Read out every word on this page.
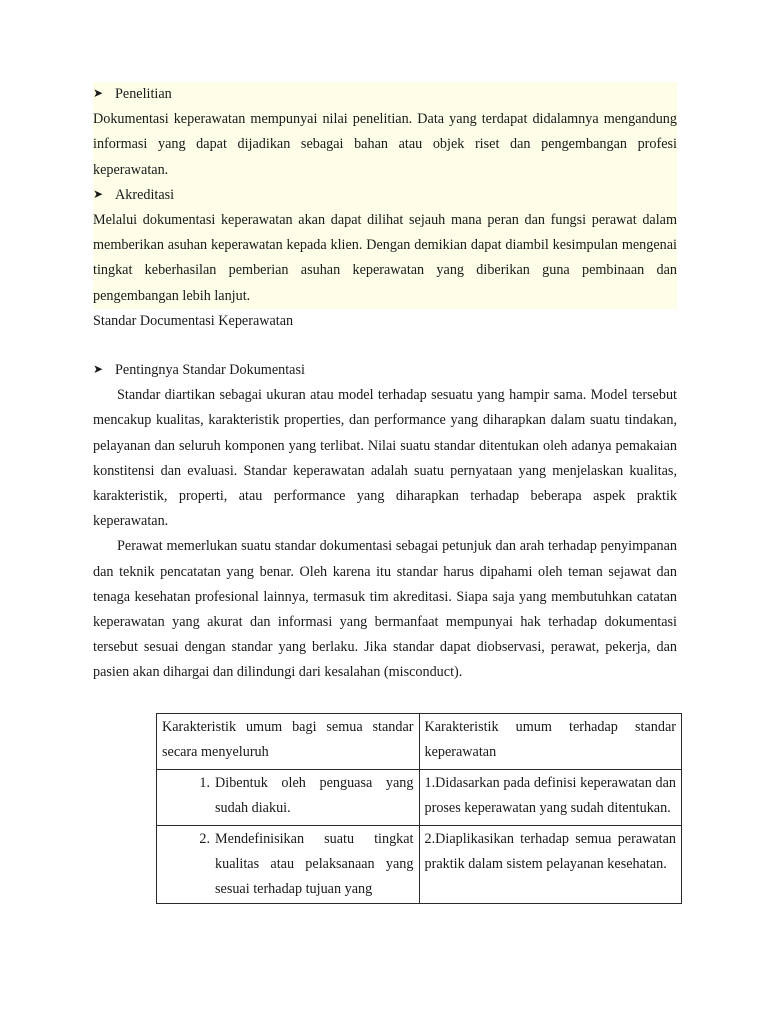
➤ Penelitian

Dokumentasi keperawatan mempunyai nilai penelitian. Data yang terdapat didalamnya mengandung informasi yang dapat dijadikan sebagai bahan atau objek riset dan pengembangan profesi keperawatan.

➤ Akreditasi

Melalui dokumentasi keperawatan akan dapat dilihat sejauh mana peran dan fungsi perawat dalam memberikan asuhan keperawatan kepada klien. Dengan demikian dapat diambil kesimpulan mengenai tingkat keberhasilan pemberian asuhan keperawatan yang diberikan guna pembinaan dan pengembangan lebih lanjut.

Standar Documentasi Keperawatan
➤ Pentingnya Standar Dokumentasi

Standar diartikan sebagai ukuran atau model terhadap sesuatu yang hampir sama. Model tersebut mencakup kualitas, karakteristik properties, dan performance yang diharapkan dalam suatu tindakan, pelayanan dan seluruh komponen yang terlibat. Nilai suatu standar ditentukan oleh adanya pemakaian konstitensi dan evaluasi. Standar keperawatan adalah suatu pernyataan yang menjelaskan kualitas, karakteristik, properti, atau performance yang diharapkan terhadap beberapa aspek praktik keperawatan.

Perawat memerlukan suatu standar dokumentasi sebagai petunjuk dan arah terhadap penyimpanan dan teknik pencatatan yang benar. Oleh karena itu standar harus dipahami oleh teman sejawat dan tenaga kesehatan profesional lainnya, termasuk tim akreditasi. Siapa saja yang membutuhkan catatan keperawatan yang akurat dan informasi yang bermanfaat mempunyai hak terhadap dokumentasi tersebut sesuai dengan standar yang berlaku. Jika standar dapat diobservasi, perawat, pekerja, dan pasien akan dihargai dan dilindungi dari kesalahan (misconduct).

Karakteristik umum bagi semua standar secara menyeluruh	Karakteristik umum terhadap standar keperawatan

1. Dibentuk oleh penguasa yang sudah diakui.	1.Didasarkan pada definisi keperawatan dan proses keperawatan yang sudah ditentukan.

2. Mendefinisikan suatu tingkat kualitas atau pelaksanaan yang sesuai terhadap tujuan yang	2.Diaplikasikan terhadap semua perawatan praktik dalam sistem pelayanan kesehatan.
